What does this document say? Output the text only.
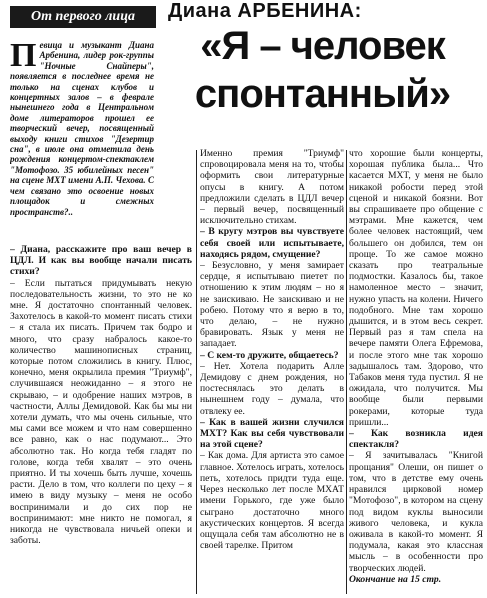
От первого лица	Диана АРБЕНИНА:
«Я – человек спонтанный»
Певица и музыкант Диана Арбенина, лидер рок-группы "Ночные Снайперы", появляется в последнее время не только на сценах клубов и концертных залов – в феврале нынешнего года в Центральном доме литераторов прошел ее творческий вечер, посвященный выходу книги стихов "Дезертир сна", в июле она отметила день рождения концертом-спектаклем "Мотофозо. 35 юбилейных песен" на сцене МХТ имени А.П. Чехова. С чем связано это освоение новых площадок и смежных пространств?..

– Диана, расскажите про ваш вечер в ЦДЛ. И как вы вообще начали писать стихи?

– Если пытаться придумывать некую последовательность жизни, то это не ко мне. Я достаточно спонтанный человек. Захотелось в какой-то момент писать стихи – я стала их писать. Причем так бодро и много, что сразу набралось какое-то количество машинописных страниц, которые потом сложились в книгу. Плюс, конечно, меня окрылила премия "Триумф", случившаяся неожиданно – я этого не скрываю, – и одобрение наших мэтров, в частности, Аллы Демидовой. Как бы мы ни хотели думать, что мы очень сильные, что мы сами все можем и что нам совершенно все равно, как о нас подумают... Это абсолютно так. Но когда тебя гладят по голове, когда тебя хвалят – это очень приятно. И ты хочешь быть лучше, хочешь расти. Дело в том, что коллеги по цеху – я имею в виду музыку – меня не особо воспринимали и до сих пор не воспринимают: мне никто не помогал, я никогда не чувствовала ничьей опеки и заботы.

Именно премия "Триумф" спровоцировала меня на то, чтобы оформить свои литературные опусы в книгу. А потом предложили сделать в ЦДЛ вечер – первый вечер, посвященный исключительно стихам.

– В кругу мэтров вы чувствуете себя своей или испытываете, находясь рядом, смущение?

– Безусловно, у меня замирает сердце, я испытываю пиетет по отношению к этим людям – но я не заискиваю. Не заискиваю и не робею. Потому что я верю в то, что делаю, – не нужно бравировать. Язык у меня не западает.

– С кем-то дружите, общаетесь?

– Нет. Хотела подарить Алле Демидову с днем рождения, но постеснялась это делать в нынешнем году – думала, что отвлеку ее.

– Как в вашей жизни случился МХТ? Как вы себя чувствовали на этой сцене?

– Как дома. Для артиста это самое главное. Хотелось играть, хотелось петь, хотелось придти туда еще. Через несколько лет после МХАТ имени Горького, где уже было сыграно достаточно много акустических концертов. Я всегда ощущала себя там абсолютно не в своей тарелке. Притом

что хорошие были концерты, хорошая публика была... Что касается МХТ, у меня не было никакой робости перед этой сценой и никакой боязни. Вот вы спрашиваете про общение с мэтрами. Мне кажется, чем более человек настоящий, чем большего он добился, тем он проще. То же самое можно сказать про театральные подмостки. Казалось бы, такое намоленное место – значит, нужно упасть на колени. Ничего подобного. Мне там хорошо дышится, и в этом весь секрет. Первый раз я там спела на вечере памяти Олега Ефремова, и после этого мне так хорошо задышалось там. Здорово, что Табаков меня туда пустил. Я не ожидала, что получится. Мы вообще были первыми рокерами, которые туда пришли...

– Как возникла идея спектакля?

– Я зачитывалась "Книгой прощания" Олеши, он пишет о том, что в детстве ему очень нравился цирковой номер "Мотофозо", в котором на сцену под видом куклы выносили живого человека, и кукла оживала в какой-то момент. Я подумала, какая это классная мысль – в особенности про творческих людей.

Окончание на 15 стр.
